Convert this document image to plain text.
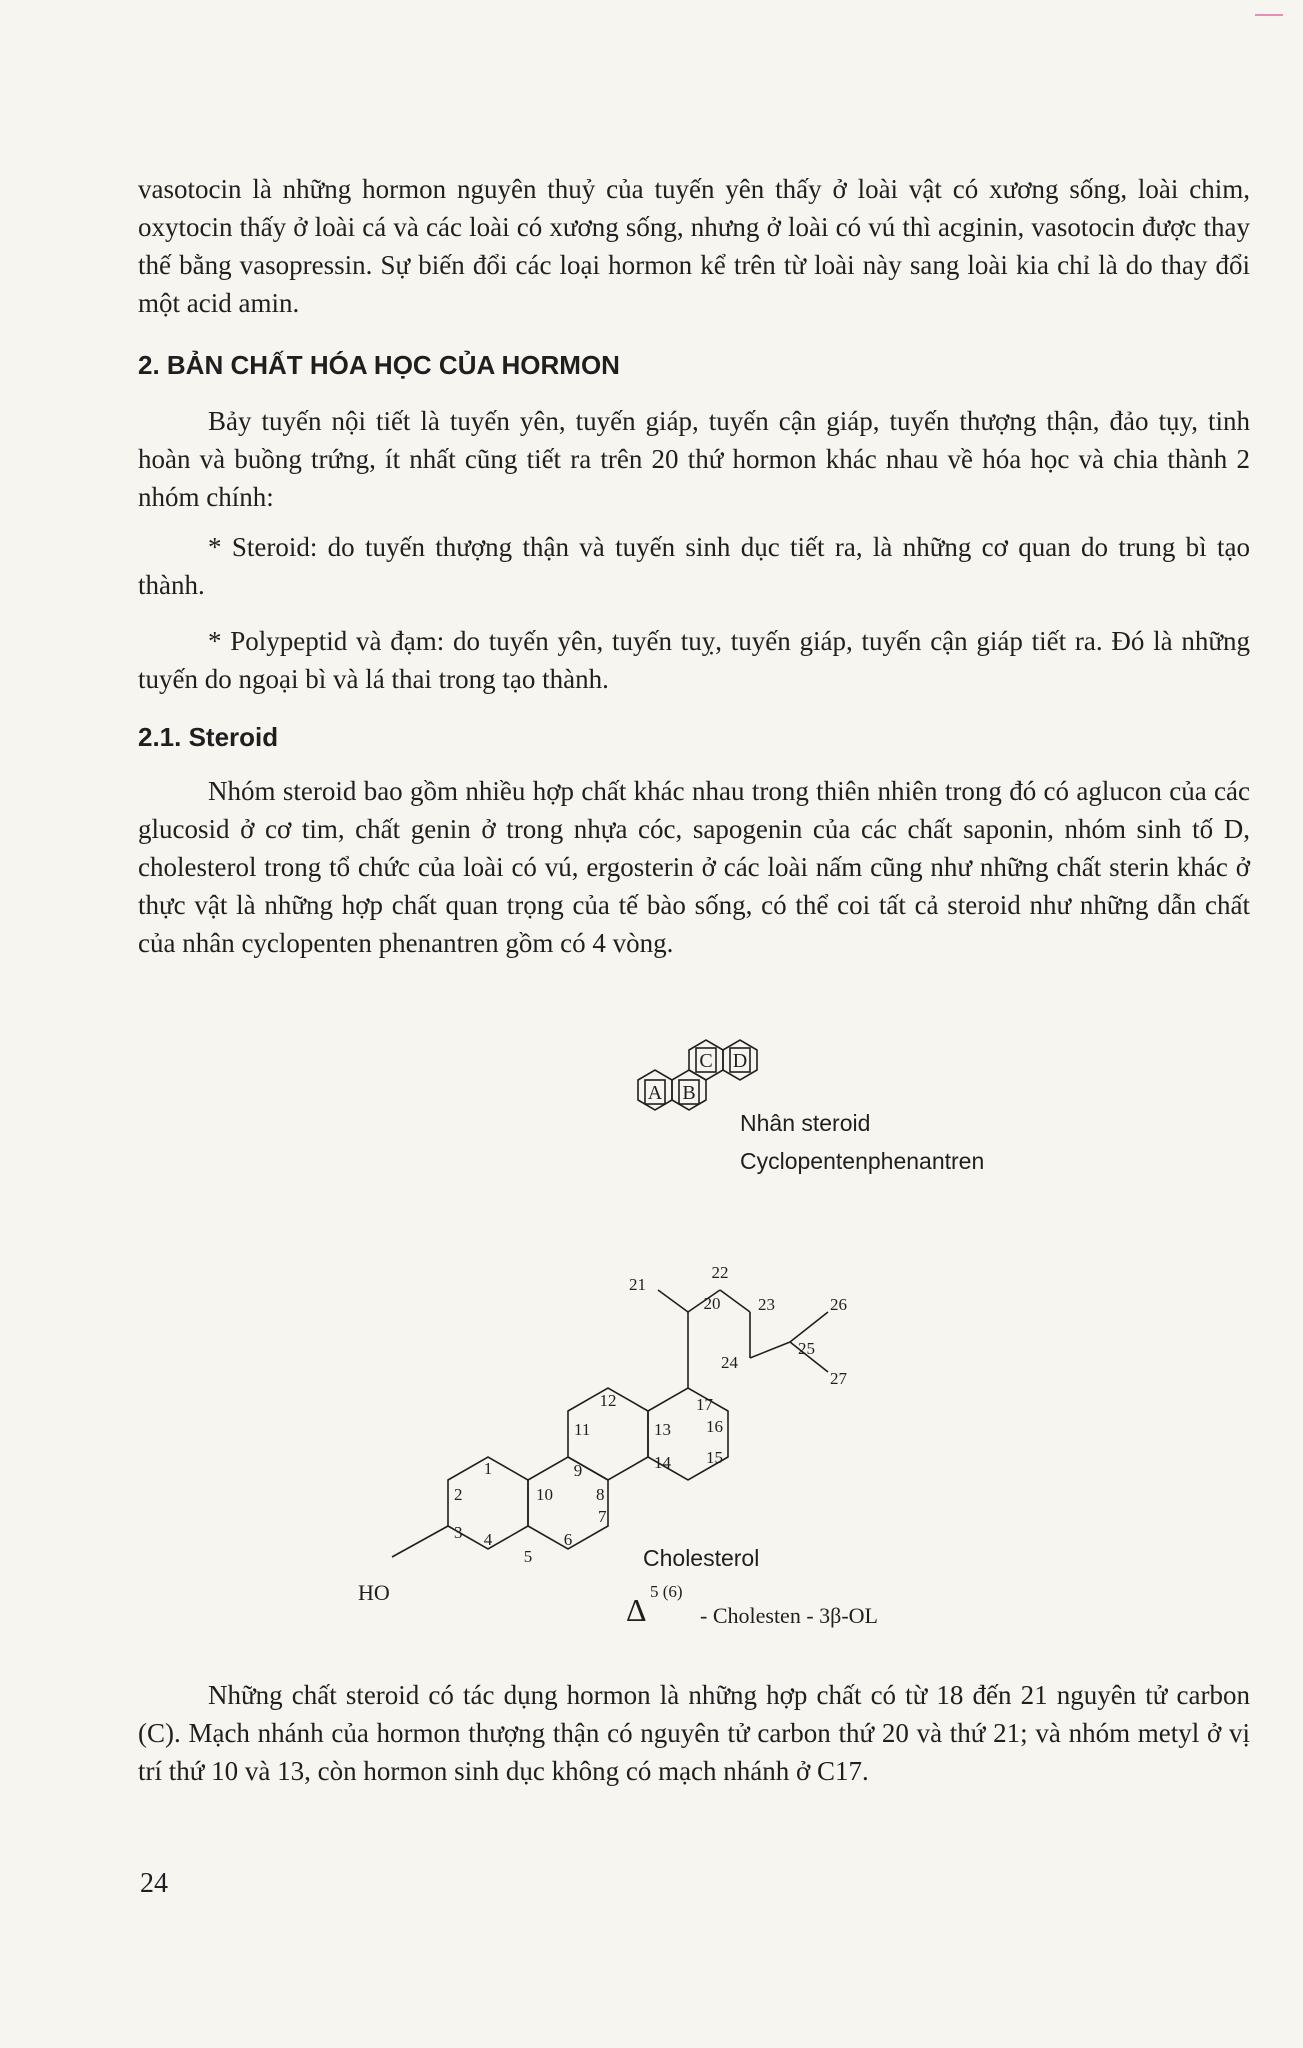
vasotocin là những hormon nguyên thuỷ của tuyến yên thấy ở loài vật có xương sống, loài chim, oxytocin thấy ở loài cá và các loài có xương sống, nhưng ở loài có vú thì acginin, vasotocin được thay thế bằng vasopressin. Sự biến đổi các loại hormon kể trên từ loài này sang loài kia chỉ là do thay đổi một acid amin.

2. BẢN CHẤT HÓA HỌC CỦA HORMON

Bảy tuyến nội tiết là tuyến yên, tuyến giáp, tuyến cận giáp, tuyến thượng thận, đảo tụy, tinh hoàn và buồng trứng, ít nhất cũng tiết ra trên 20 thứ hormon khác nhau về hóa học và chia thành 2 nhóm chính:

* Steroid: do tuyến thượng thận và tuyến sinh dục tiết ra, là những cơ quan do trung bì tạo thành.

* Polypeptid và đạm: do tuyến yên, tuyến tuỵ, tuyến giáp, tuyến cận giáp tiết ra. Đó là những tuyến do ngoại bì và lá thai trong tạo thành.

2.1. Steroid

Nhóm steroid bao gồm nhiều hợp chất khác nhau trong thiên nhiên trong đó có aglucon của các glucosid ở cơ tim, chất genin ở trong nhựa cóc, sapogenin của các chất saponin, nhóm sinh tố D, cholesterol trong tổ chức của loài có vú, ergosterin ở các loài nấm cũng như những chất sterin khác ở thực vật là những hợp chất quan trọng của tế bào sống, có thể coi tất cả steroid như những dẫn chất của nhân cyclopenten phenantren gồm có 4 vòng.

A B
C D
Nhân steroid
Cyclopentenphenantren
HO
1
2
3 4
5
6
7
8
9
10
11
12
13
14 15
16
17
20
21
22
23
24
25
26
27
Cholesterol
Δ
5 (6)
- Cholesten - 3β-OL

Những chất steroid có tác dụng hormon là những hợp chất có từ 18 đến 21 nguyên tử carbon (C). Mạch nhánh của hormon thượng thận có nguyên tử carbon thứ 20 và thứ 21; và nhóm metyl ở vị trí thứ 10 và 13, còn hormon sinh dục không có mạch nhánh ở C17.

24
